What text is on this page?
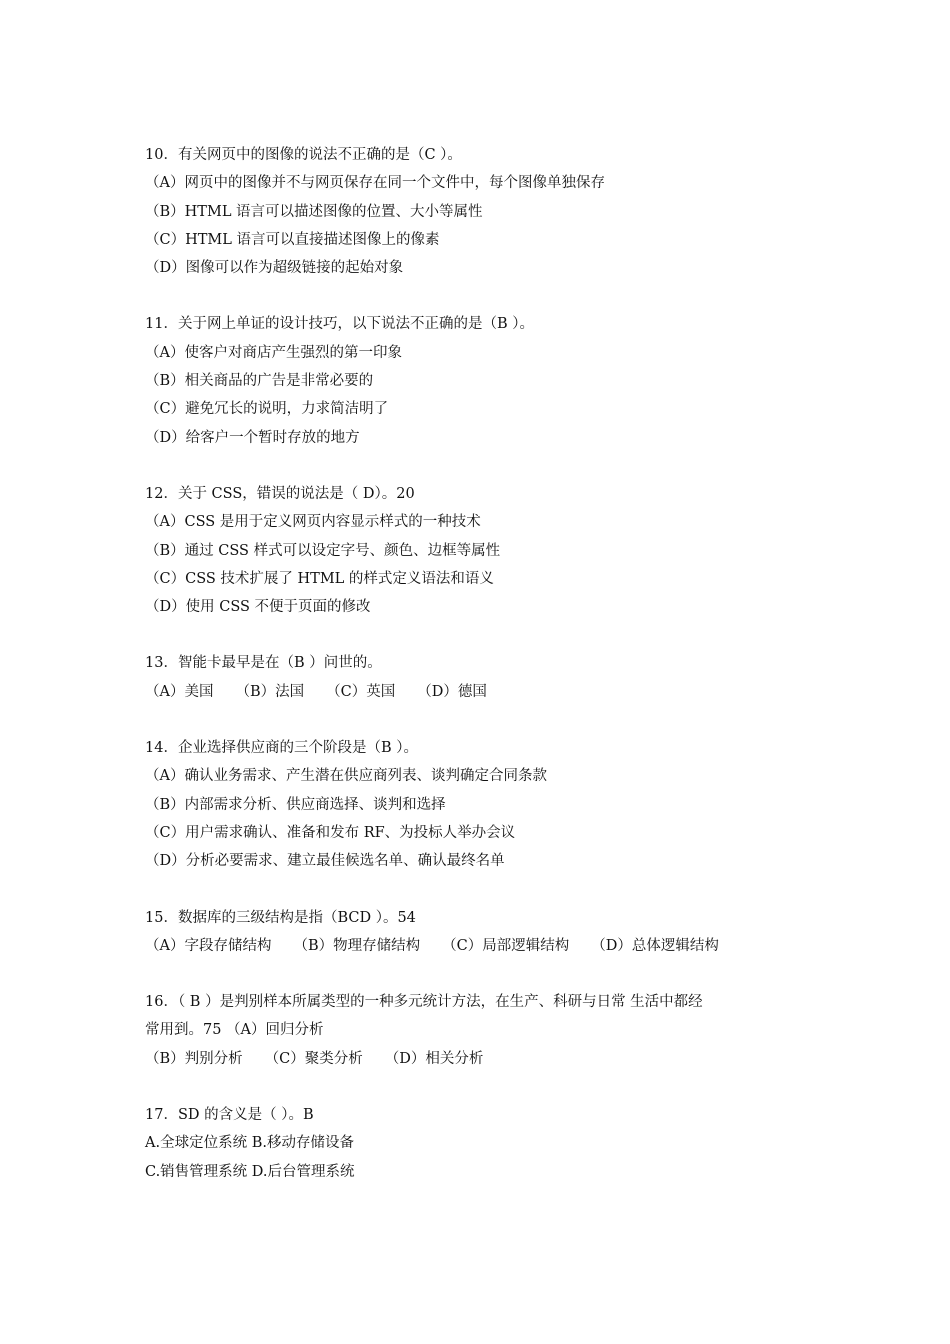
10．有关网页中的图像的说法不正确的是（C ）。
（A）网页中的图像并不与网页保存在同一个文件中，每个图像单独保存
（B）HTML 语言可以描述图像的位置、大小等属性
（C）HTML 语言可以直接描述图像上的像素
（D）图像可以作为超级链接的起始对象
11．关于网上单证的设计技巧，以下说法不正确的是（B ）。
（A）使客户对商店产生强烈的第一印象
（B）相关商品的广告是非常必要的
（C）避免冗长的说明，力求简洁明了
（D）给客户一个暂时存放的地方
12．关于 CSS，错误的说法是（ D）。20
（A）CSS 是用于定义网页内容显示样式的一种技术
（B）通过 CSS 样式可以设定字号、颜色、边框等属性
（C）CSS 技术扩展了 HTML 的样式定义语法和语义
（D）使用 CSS 不便于页面的修改
13．智能卡最早是在（B ）问世的。
（A）美国 （B）法国 （C）英国 （D）德国
14．企业选择供应商的三个阶段是（B ）。
（A）确认业务需求、产生潜在供应商列表、谈判确定合同条款
（B）内部需求分析、供应商选择、谈判和选择
（C）用户需求确认、准备和发布 RF、为投标人举办会议
（D）分析必要需求、建立最佳候选名单、确认最终名单
15．数据库的三级结构是指（BCD ）。54
（A）字段存储结构 （B）物理存储结构 （C）局部逻辑结构 （D）总体逻辑结构
16．（ B ）是判别样本所属类型的一种多元统计方法，在生产、科研与日常 生活中都经
常用到。75 （A）回归分析
（B）判别分析 （C）聚类分析 （D）相关分析
17．SD 的含义是（ ）。B
A.全球定位系统 B.移动存储设备
C.销售管理系统 D.后台管理系统
